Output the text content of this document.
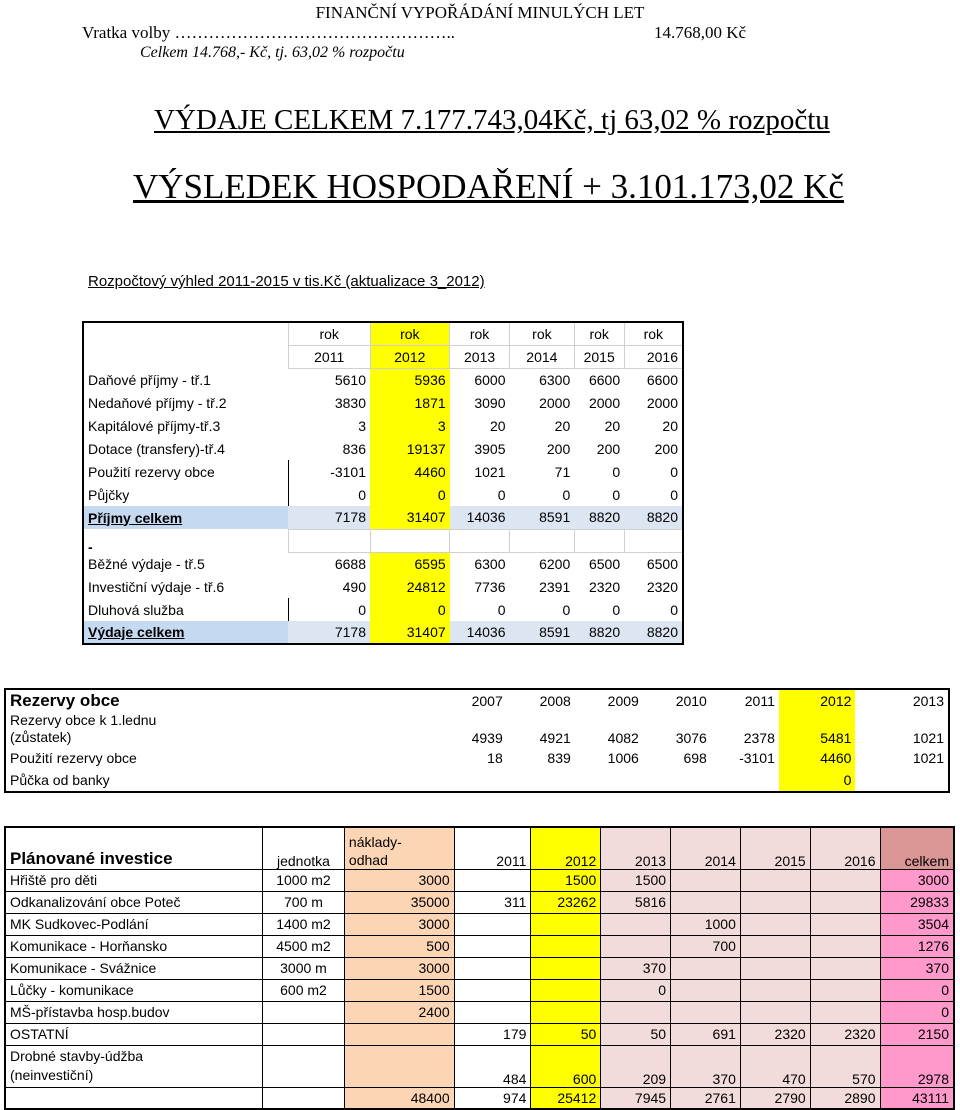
FINANČNÍ VYPOŘÁDÁNÍ MINULÝCH LET
Vratka volby …………………………………………..	14.768,00 Kč
Celkem 14.768,- Kč, tj. 63,02 % rozpočtu
VÝDAJE CELKEM 7.177.743,04Kč, tj 63,02 % rozpočtu
VÝSLEDEK HOSPODAŘENÍ + 3.101.173,02 Kč
Rozpočtový výhled 2011-2015 v tis.Kč (aktualizace 3_2012)
	rok	rok	rok	rok	rok	rok
	2011	2012	2013	2014	2015	2016
Daňové příjmy - tř.1	5610	5936	6000	6300	6600	6600
Nedaňové příjmy - tř.2	3830	1871	3090	2000	2000	2000
Kapitálové příjmy-tř.3	3	3	20	20	20	20
Dotace (transfery)-tř.4	836	19137	3905	200	200	200
Použití rezervy obce	-3101	4460	1021	71	0	0
Půjčky	0	0	0	0	0	0
Příjmy celkem	7178	31407	14036	8591	8820	8820
-						
Běžné výdaje - tř.5	6688	6595	6300	6200	6500	6500
Investiční výdaje - tř.6	490	24812	7736	2391	2320	2320
Dluhová služba	0	0	0	0	0	0
Výdaje celkem	7178	31407	14036	8591	8820	8820
Rezervy obce		2007	2008	2009	2010	2011	2012	2013

Rezervy obce k 1.lednu
(zůstatek)		4939	4921	4082	3076	2378	5481	1021
Použití rezervy obce		18	839	1006	698	-3101	4460	1021
Půčka od banky							0	
Plánované investice	jednotka	náklady-
odhad	2011	2012	2013	2014	2015	2016	celkem
Hřiště pro děti	1000 m2	3000		1500	1500				3000
Odkanalizování obce Poteč	700 m	35000	311	23262	5816				29833
MK Sudkovec-Podlání	1400 m2	3000				1000			3504
Komunikace - Horňansko	4500 m2	500				700			1276
Komunikace - Svážnice	3000 m	3000			370				370
Lůčky - komunikace	600 m2	1500			0				0
MŠ-přístavba hosp.budov		2400							0
OSTATNÍ			179	50	50	691	2320	2320	2150

Drobné stavby-údžba
(neinvestiční)			484	600	209	370	470	570	2978
		48400	974	25412	7945	2761	2790	2890	43111
